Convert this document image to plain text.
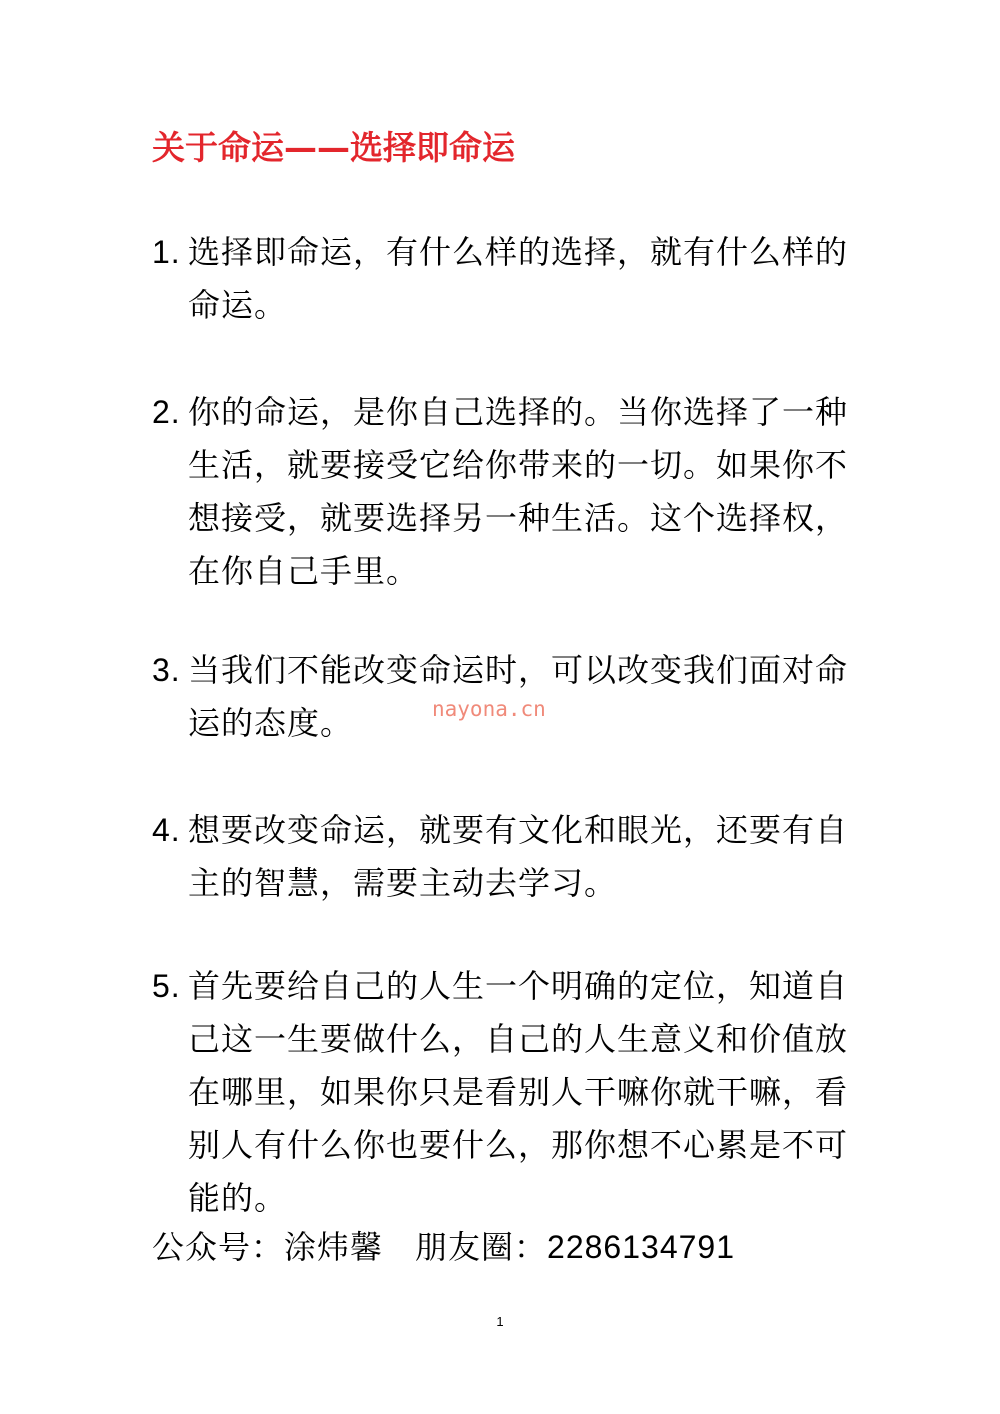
关于命运——选择即命运
1. 选择即命运，有什么样的选择，就有什么样的命运。
2. 你的命运，是你自己选择的。当你选择了一种生活，就要接受它给你带来的一切。如果你不想接受，就要选择另一种生活。这个选择权，在你自己手里。
3. 当我们不能改变命运时，可以改变我们面对命运的态度。
4. 想要改变命运，就要有文化和眼光，还要有自主的智慧，需要主动去学习。
5. 首先要给自己的人生一个明确的定位，知道自己这一生要做什么，自己的人生意义和价值放在哪里，如果你只是看别人干嘛你就干嘛，看别人有什么你也要什么，那你想不心累是不可能的。
公众号：涂炜馨 朋友圈：2286134791
nayona.cn
1
